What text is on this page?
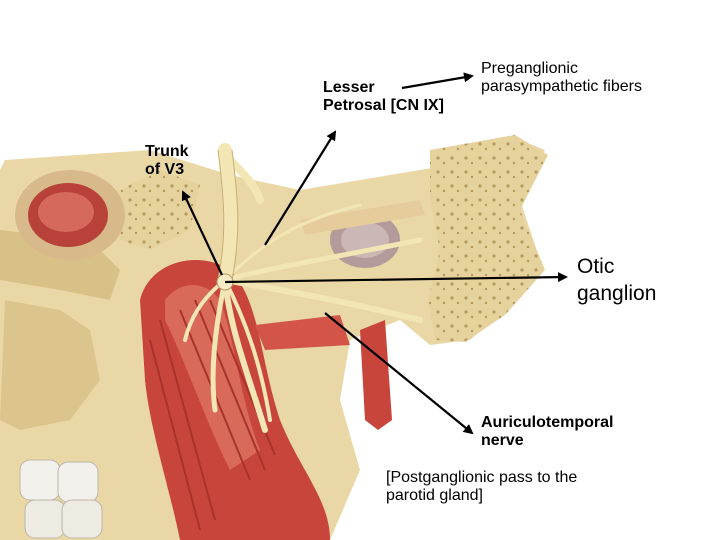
Lesser
Petrosal [CN IX]
Preganglionic
parasympathetic fibers
Trunk
of V3
Otic
ganglion
Auriculotemporal
nerve
[Postganglionic pass to the
parotid gland]
